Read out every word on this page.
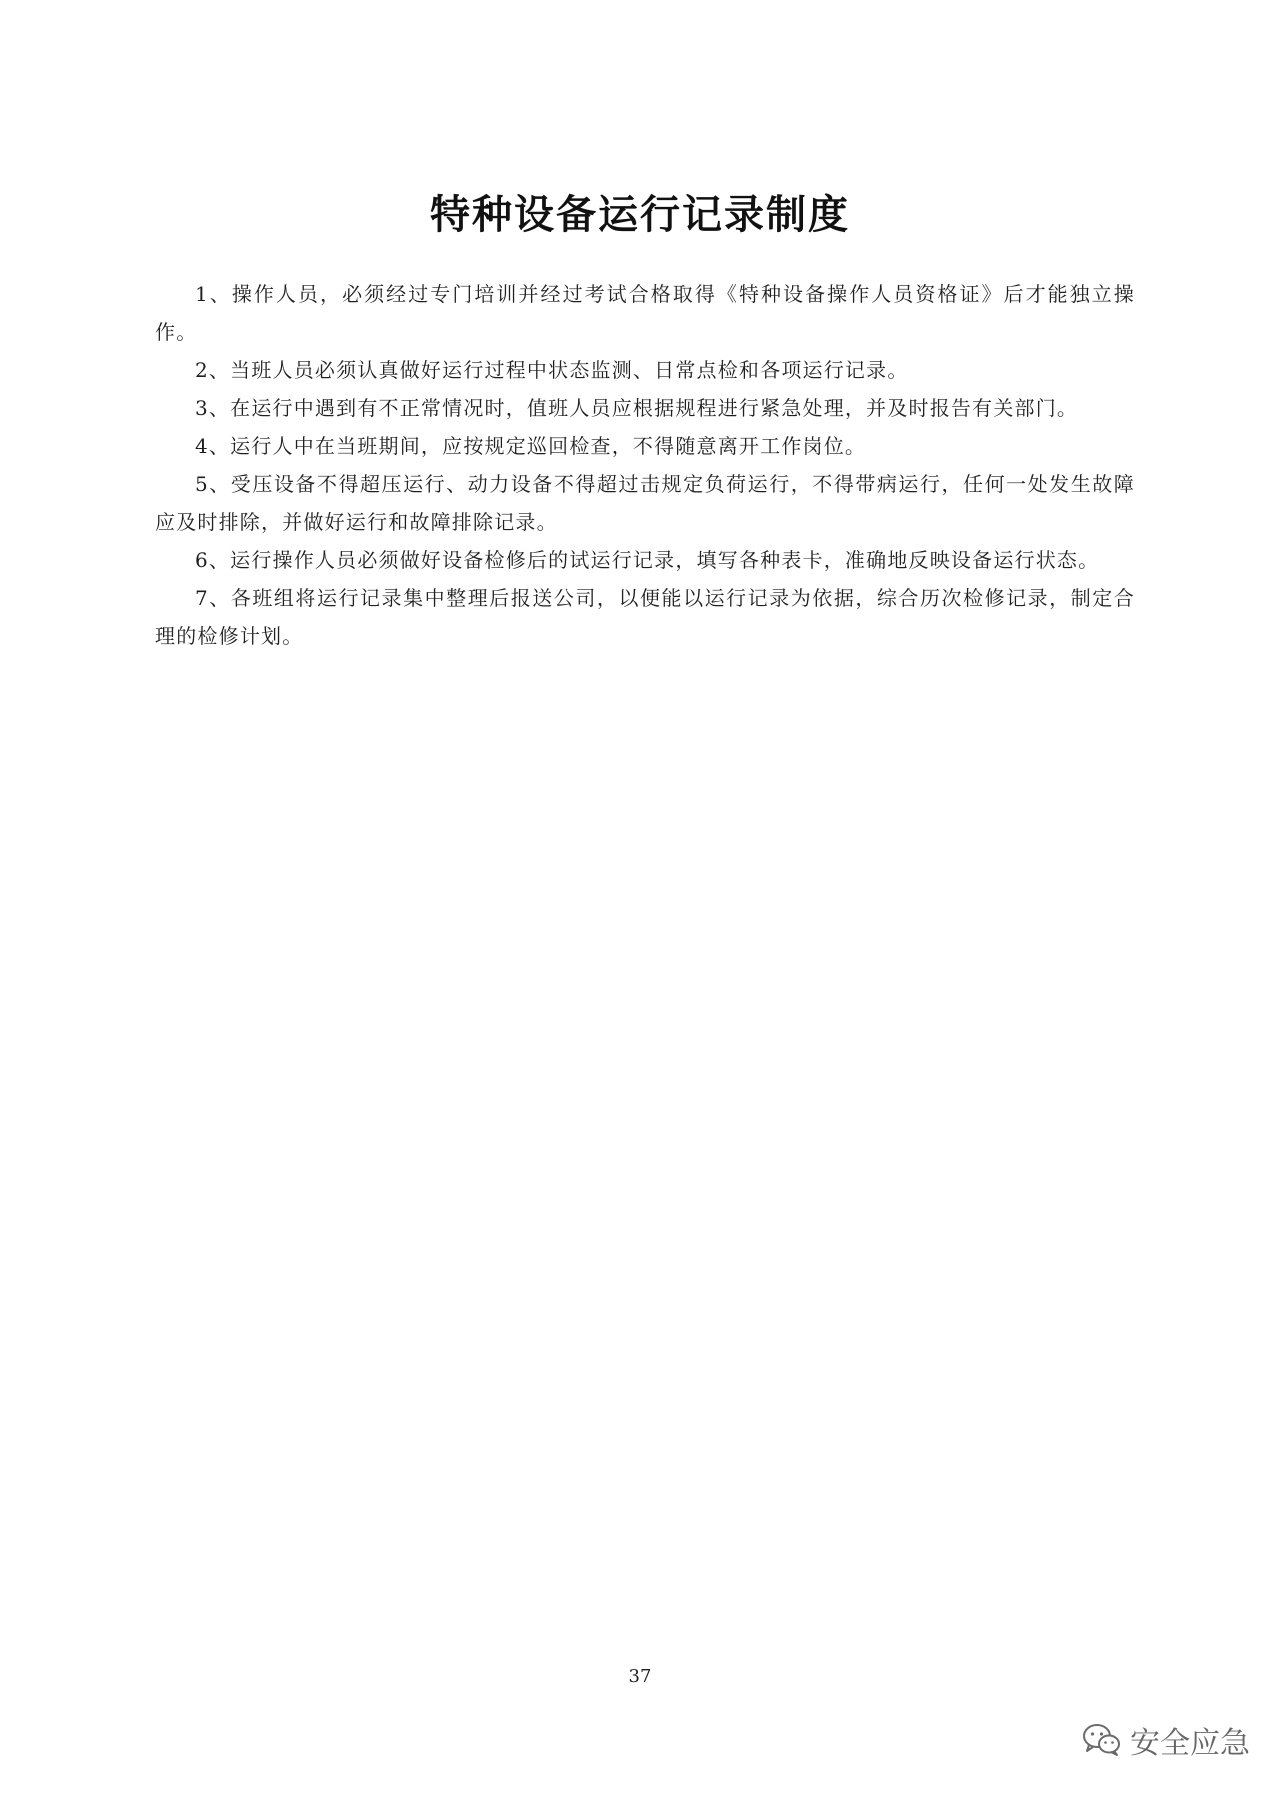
特种设备运行记录制度

1、操作人员，必须经过专门培训并经过考试合格取得《特种设备操作人员资格证》后才能独立操作。

2、当班人员必须认真做好运行过程中状态监测、日常点检和各项运行记录。

3、在运行中遇到有不正常情况时，值班人员应根据规程进行紧急处理，并及时报告有关部门。

4、运行人中在当班期间，应按规定巡回检查，不得随意离开工作岗位。

5、受压设备不得超压运行、动力设备不得超过击规定负荷运行，不得带病运行，任何一处发生故障应及时排除，并做好运行和故障排除记录。

6、运行操作人员必须做好设备检修后的试运行记录，填写各种表卡，准确地反映设备运行状态。

7、各班组将运行记录集中整理后报送公司，以便能以运行记录为依据，综合历次检修记录，制定合理的检修计划。

37
安全应急
